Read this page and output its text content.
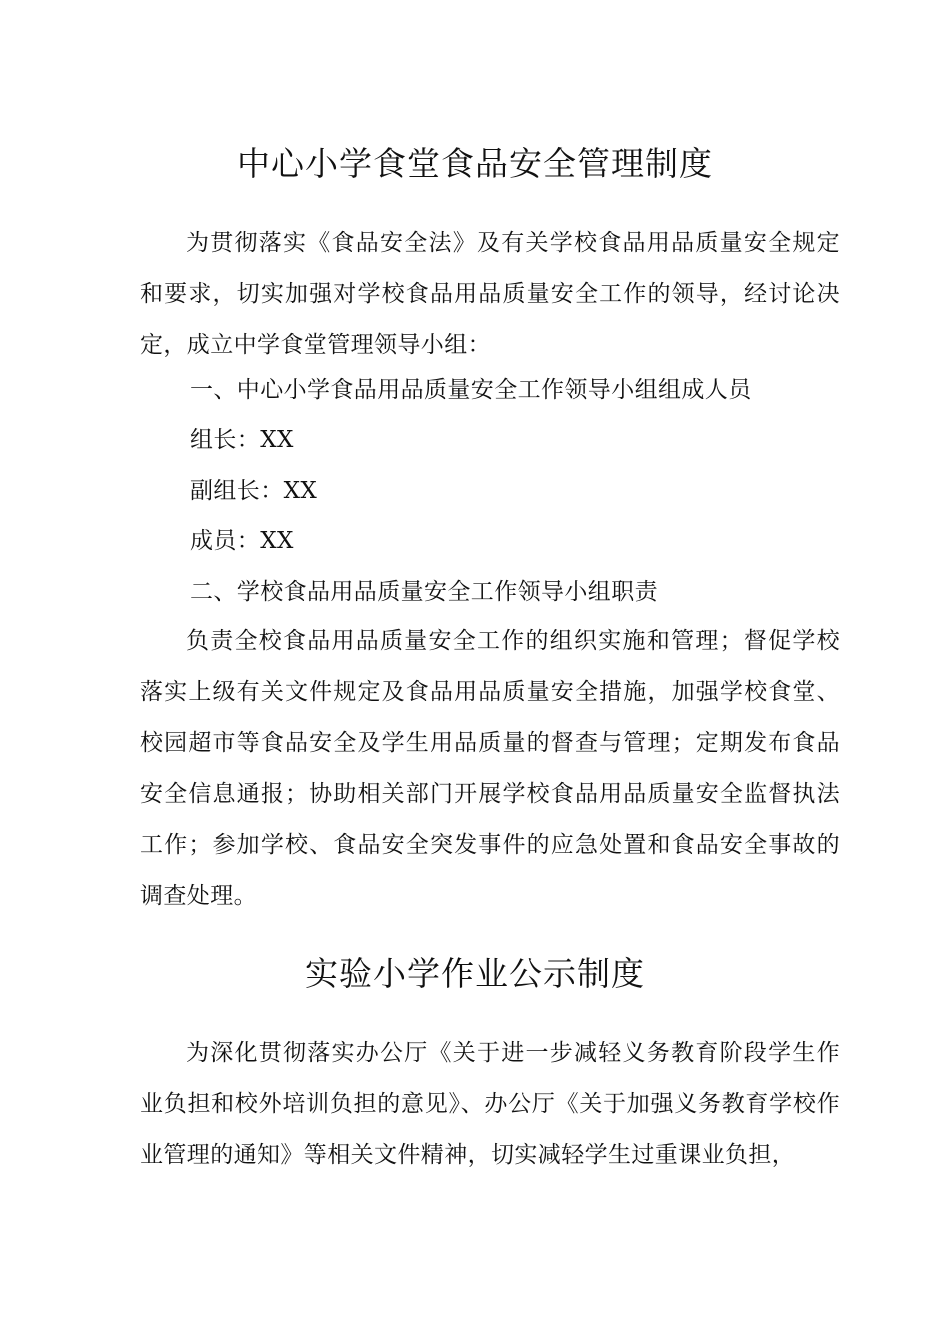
中心小学食堂食品安全管理制度

为贯彻落实《食品安全法》及有关学校食品用品质量安全规定和要求，切实加强对学校食品用品质量安全工作的领导，经讨论决定，成立中学食堂管理领导小组：

一、中心小学食品用品质量安全工作领导小组组成人员

组长：XX

副组长：XX

成员：XX

二、学校食品用品质量安全工作领导小组职责

负责全校食品用品质量安全工作的组织实施和管理；督促学校落实上级有关文件规定及食品用品质量安全措施，加强学校食堂、校园超市等食品安全及学生用品质量的督查与管理；定期发布食品安全信息通报；协助相关部门开展学校食品用品质量安全监督执法工作；参加学校、食品安全突发事件的应急处置和食品安全事故的调查处理。

实验小学作业公示制度

为深化贯彻落实办公厅《关于进一步减轻义务教育阶段学生作业负担和校外培训负担的意见》、办公厅《关于加强义务教育学校作业管理的通知》等相关文件精神，切实减轻学生过重课业负担，
